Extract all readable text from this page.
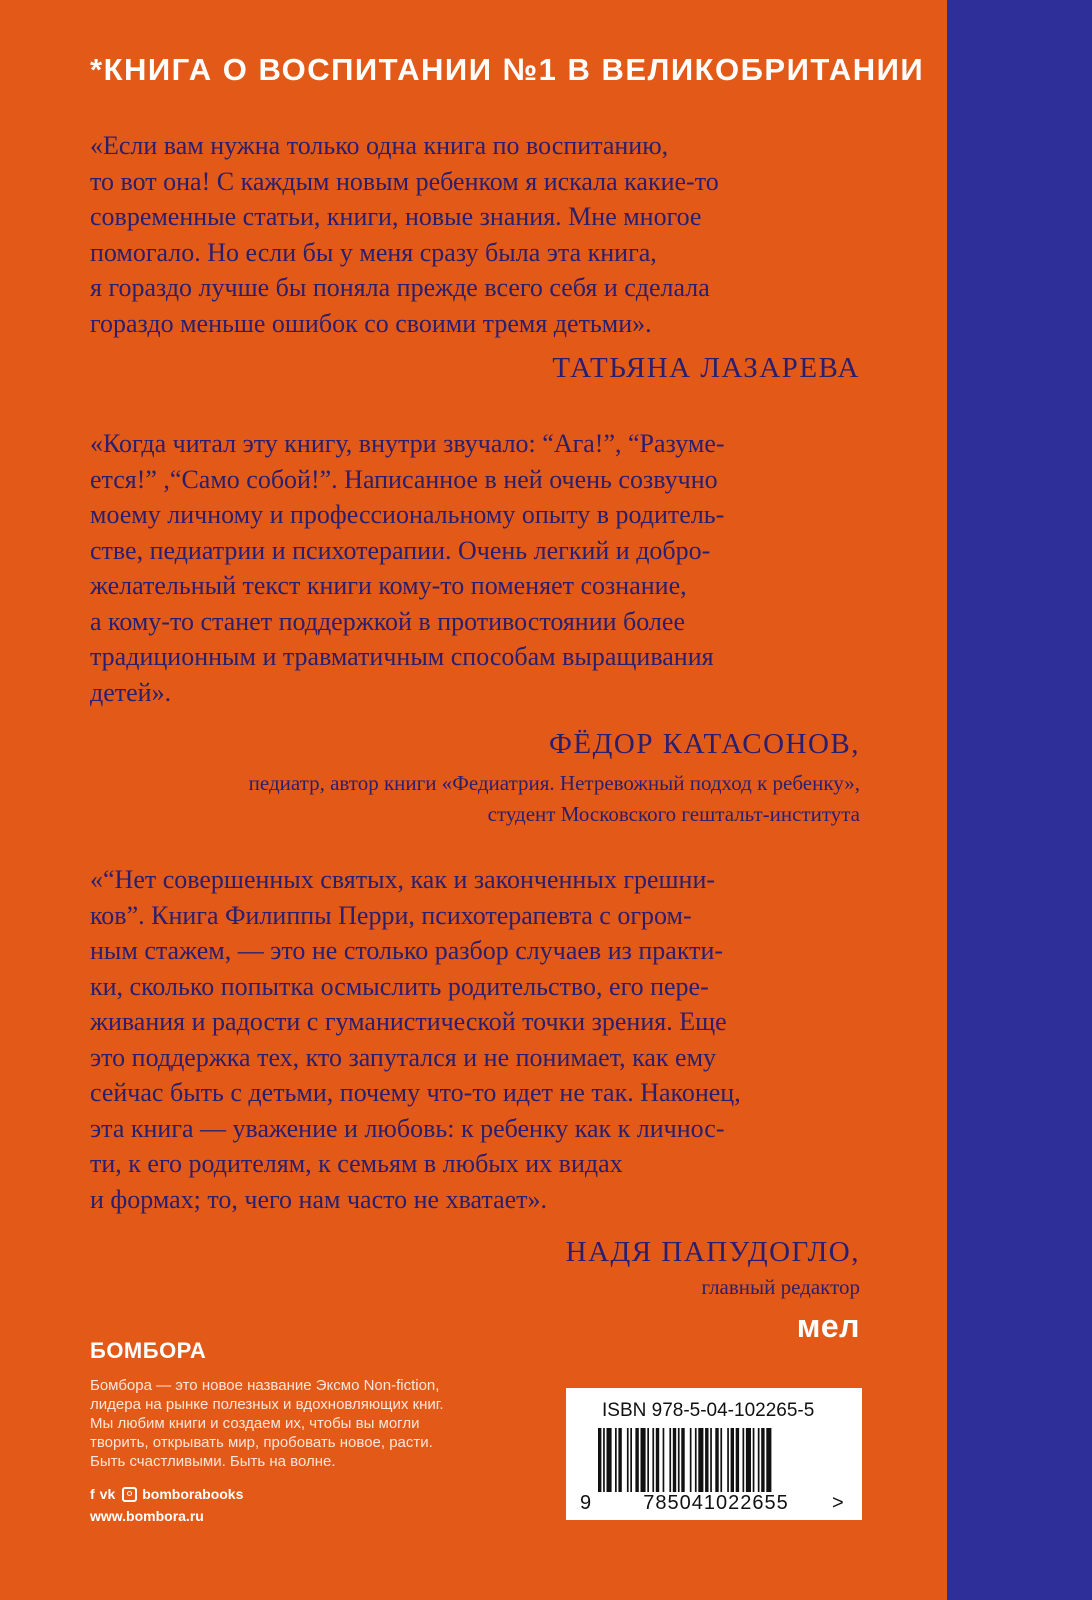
*КНИГА О ВОСПИТАНИИ №1 В ВЕЛИКОБРИТАНИИ

«Если вам нужна только одна книга по воспитанию,
то вот она! С каждым новым ребенком я искала какие-то
современные статьи, книги, новые знания. Мне многое
помогало. Но если бы у меня сразу была эта книга,
я гораздо лучше бы поняла прежде всего себя и сделала
гораздо меньше ошибок со своими тремя детьми».

ТАТЬЯНА ЛАЗАРЕВА

«Когда читал эту книгу, внутри звучало: “Ага!”, “Разуме-
ется!” ,“Само собой!”. Написанное в ней очень созвучно
моему личному и профессиональному опыту в родитель-
стве, педиатрии и психотерапии. Очень легкий и добро-
желательный текст книги кому-то поменяет сознание,
а кому-то станет поддержкой в противостоянии более
традиционным и травматичным способам выращивания
детей».

ФЁДОР КАТАСОНОВ,
педиатр, автор книги «Федиатрия. Нетревожный подход к ребенку»,
студент Московского гештальт-института

«“Нет совершенных святых, как и законченных грешни-
ков”. Книга Филиппы Перри, психотерапевта с огром-
ным стажем, — это не столько разбор случаев из практи-
ки, сколько попытка осмыслить родительство, его пере-
живания и радости с гуманистической точки зрения. Еще
это поддержка тех, кто запутался и не понимает, как ему
сейчас быть с детьми, почему что-то идет не так. Наконец,
эта книга — уважение и любовь: к ребенку как к личнос-
ти, к его родителям, к семьям в любых их видах
и формах; то, чего нам часто не хватает».

НАДЯ ПАПУДОГЛО,
главный редактор
мел
БОМБОРА
Бомбора — это новое название Эксмо Non-fiction,
лидера на рынке полезных и вдохновляющих книг.
Мы любим книги и создаем их, чтобы вы могли
творить, открывать мир, пробовать новое, расти.
Быть счастливыми. Быть на волне.
f vk bomborabooks
www.bombora.ru
ISBN 978-5-04-102265-5
9	785041022655	>
